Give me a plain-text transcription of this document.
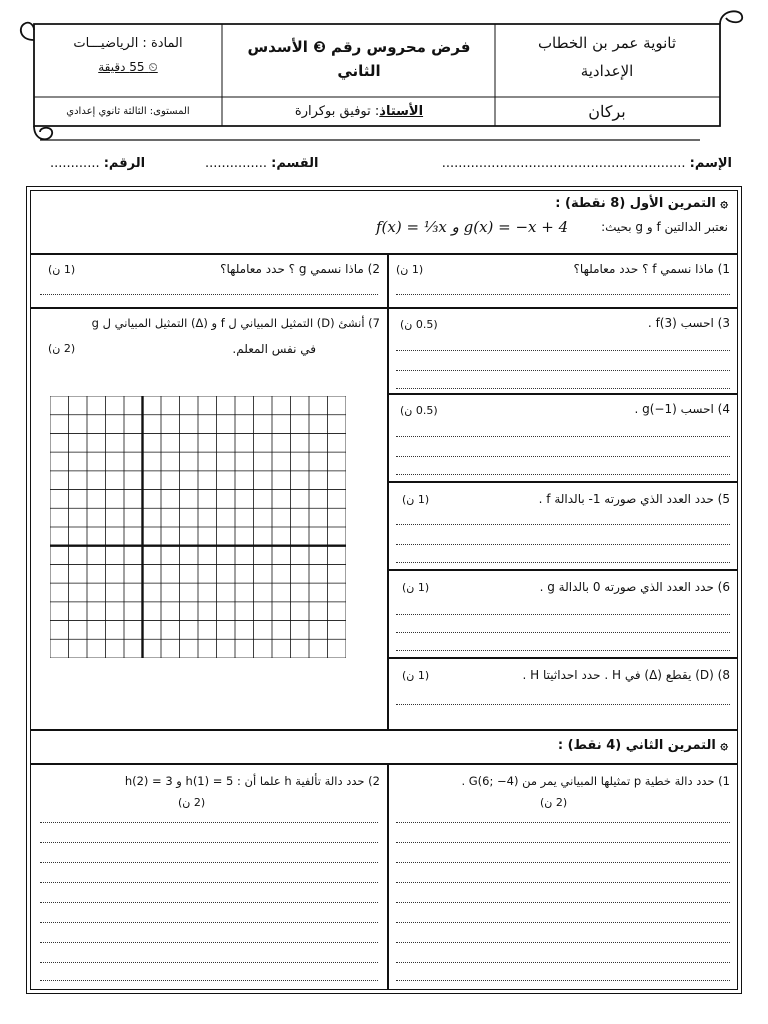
ثانوية عمر بن الخطاب
الإعدادية
بركان
فرض محروس رقم ❸ الأسدس
الثاني
الأستاذ: توفيق بوكرارة
المادة : الرياضيـــات
⏲ 55 دقيقة
المستوى: الثالثة ثانوي إعدادي
الإسم: ...........................................................
القسم: ...............
الرقم: ............
۞ التمرين الأول (8 نقطة) :
نعتبر الدالتين f و g بحيث:
g(x) = −x + 4 و f(x) = ⅓x
1) ماذا نسمي f ؟ حدد معاملها؟
(1 ن)
2) ماذا نسمي g ؟ حدد معاملها؟
(1 ن)
3) احسب f(3) .
(0.5 ن)
4) احسب g(−1) .
(0.5 ن)
5) حدد العدد الذي صورته 1- بالدالة f .
(1 ن)
6) حدد العدد الذي صورته 0 بالدالة g .
(1 ن)
8) (D) يقطع (Δ) في H . حدد احداثيتا H .
(1 ن)
7) أنشئ (D) التمثيل المبياني ل f و (Δ) التمثيل المبياني ل g
في نفس المعلم.
(2 ن)
۞ التمرين الثاني (4 نقط) :
1) حدد دالة خطية p تمثيلها المبياني يمر من G(6; −4) .
(2 ن)
2) حدد دالة تألفية h علما أن : h(1) = 5 و h(2) = 3
(2 ن)
